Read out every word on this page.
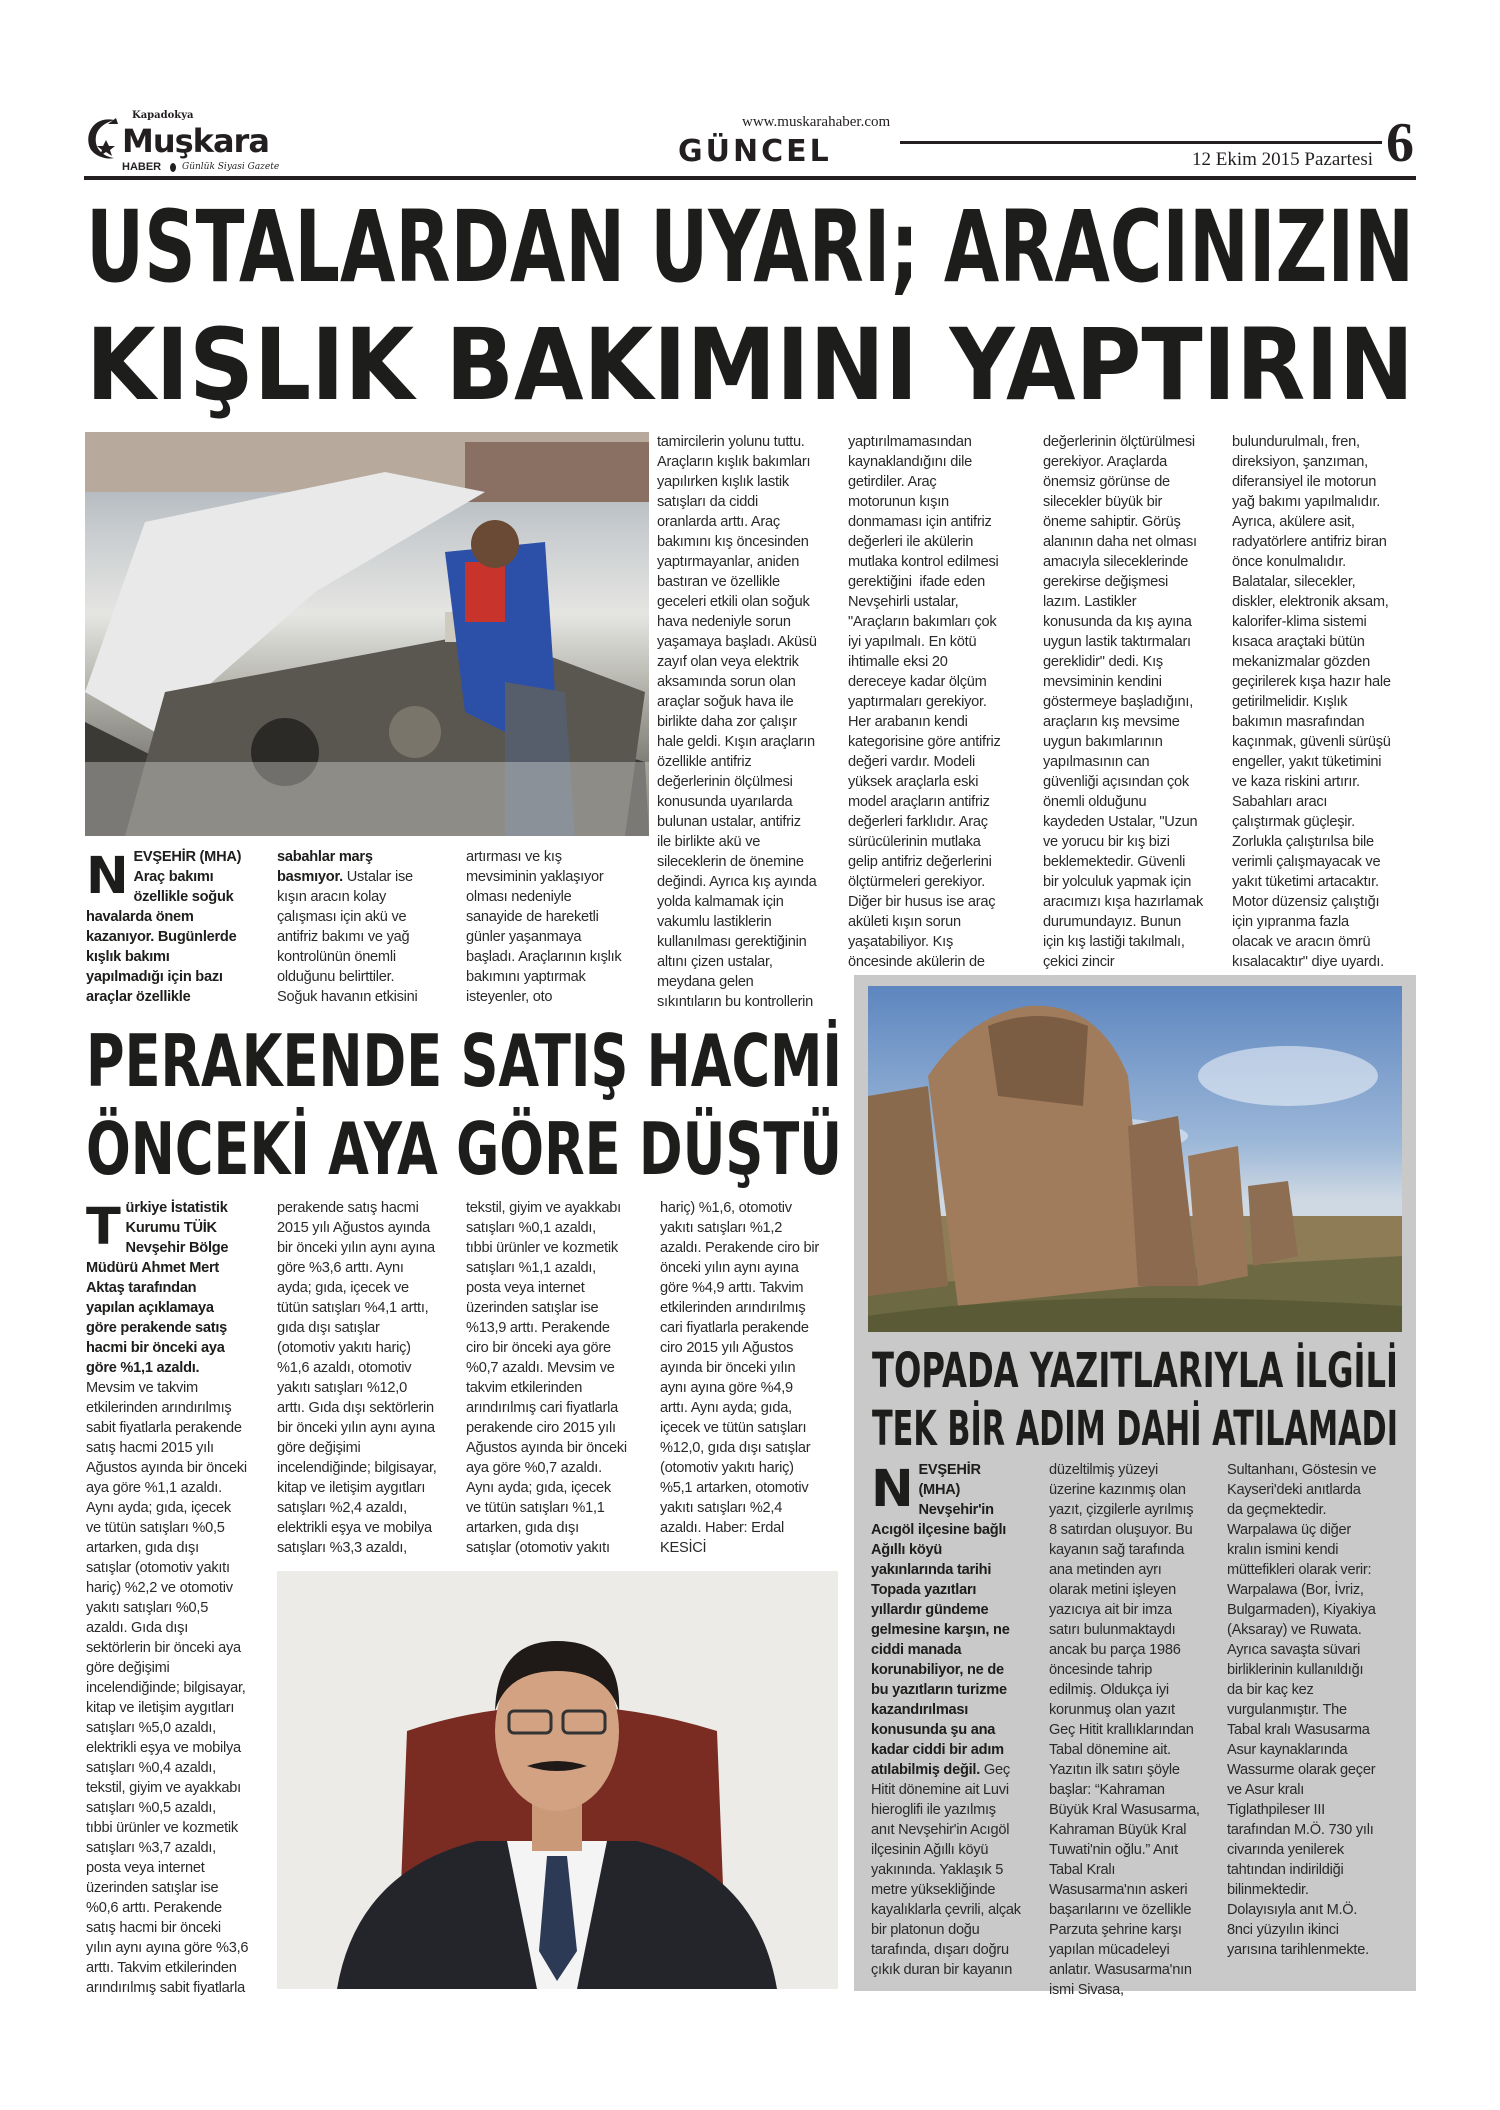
Kapadokya
Muşkara
HABER Günlük Siyasi Gazete	GÜNCEL
www.muskarahaber.com
12 Ekim 2015 Pazartesi 6
USTALARDAN UYARI; ARACINIZIN
KIŞLIK BAKIMINI YAPTIRIN
NEVŞEHİR (MHA)
Araç bakımı
özellikle soğuk
havalarda önem
kazanıyor. Bugünlerde
kışlık bakımı
yapılmadığı için bazı
araçlar özellikle
sabahlar marş
basmıyor. Ustalar ise
kışın aracın kolay
çalışması için akü ve
antifriz bakımı ve yağ
kontrolünün önemli
olduğunu belirttiler.
Soğuk havanın etkisini
artırması ve kış
mevsiminin yaklaşıyor
olması nedeniyle
sanayide de hareketli
günler yaşanmaya
başladı. Araçlarının kışlık
bakımını yaptırmak
isteyenler, oto
tamircilerin yolunu tuttu.
Araçların kışlık bakımları
yapılırken kışlık lastik
satışları da ciddi
oranlarda arttı. Araç
bakımını kış öncesinden
yaptırmayanlar, aniden
bastıran ve özellikle
geceleri etkili olan soğuk
hava nedeniyle sorun
yaşamaya başladı. Aküsü
zayıf olan veya elektrik
aksamında sorun olan
araçlar soğuk hava ile
birlikte daha zor çalışır
hale geldi. Kışın araçların
özellikle antifriz
değerlerinin ölçülmesi
konusunda uyarılarda
bulunan ustalar, antifriz
ile birlikte akü ve
sileceklerin de önemine
değindi. Ayrıca kış ayında
yolda kalmamak için
vakumlu lastiklerin
kullanılması gerektiğinin
altını çizen ustalar,
meydana gelen
sıkıntıların bu kontrollerin
yaptırılmamasından
kaynaklandığını dile
getirdiler. Araç
motorunun kışın
donmaması için antifriz
değerleri ile akülerin
mutlaka kontrol edilmesi
gerektiğini  ifade eden
Nevşehirli ustalar,
"Araçların bakımları çok
iyi yapılmalı. En kötü
ihtimalle eksi 20
dereceye kadar ölçüm
yaptırmaları gerekiyor.
Her arabanın kendi
kategorisine göre antifriz
değeri vardır. Modeli
yüksek araçlarla eski
model araçların antifriz
değerleri farklıdır. Araç
sürücülerinin mutlaka
gelip antifriz değerlerini
ölçtürmeleri gerekiyor.
Diğer bir husus ise araç
akületi kışın sorun
yaşatabiliyor. Kış
öncesinde akülerin de
değerlerinin ölçtürülmesi
gerekiyor. Araçlarda
önemsiz görünse de
silecekler büyük bir
öneme sahiptir. Görüş
alanının daha net olması
amacıyla sileceklerinde
gerekirse değişmesi
lazım. Lastikler
konusunda da kış ayına
uygun lastik taktırmaları
gereklidir" dedi. Kış
mevsiminin kendini
göstermeye başladığını,
araçların kış mevsime
uygun bakımlarının
yapılmasının can
güvenliği açısından çok
önemli olduğunu
kaydeden Ustalar, "Uzun
ve yorucu bir kış bizi
beklemektedir. Güvenli
bir yolculuk yapmak için
aracımızı kışa hazırlamak
durumundayız. Bunun
için kış lastiği takılmalı,
çekici zincir
bulundurulmalı, fren,
direksiyon, şanzıman,
diferansiyel ile motorun
yağ bakımı yapılmalıdır.
Ayrıca, akülere asit,
radyatörlere antifriz biran
önce konulmalıdır.
Balatalar, silecekler,
diskler, elektronik aksam,
kalorifer-klima sistemi
kısaca araçtaki bütün
mekanizmalar gözden
geçirilerek kışa hazır hale
getirilmelidir. Kışlık
bakımın masrafından
kaçınmak, güvenli sürüşü
engeller, yakıt tüketimini
ve kaza riskini artırır.
Sabahları aracı
çalıştırmak güçleşir.
Zorlukla çalıştırılsa bile
verimli çalışmayacak ve
yakıt tüketimi artacaktır.
Motor düzensiz çalıştığı
için yıpranma fazla
olacak ve aracın ömrü
kısalacaktır" diye uyardı.
PERAKENDE SATIŞ HACMİ
ÖNCEKİ AYA GÖRE DÜŞTÜ
Türkiye İstatistik
Kurumu TÜİK
Nevşehir Bölge
Müdürü Ahmet Mert
Aktaş tarafından
yapılan açıklamaya
göre perakende satış
hacmi bir önceki aya
göre %1,1 azaldı.
Mevsim ve takvim
etkilerinden arındırılmış
sabit fiyatlarla perakende
satış hacmi 2015 yılı
Ağustos ayında bir önceki
aya göre %1,1 azaldı.
Aynı ayda; gıda, içecek
ve tütün satışları %0,5
artarken, gıda dışı
satışlar (otomotiv yakıtı
hariç) %2,2 ve otomotiv
yakıtı satışları %0,5
azaldı. Gıda dışı
sektörlerin bir önceki aya
göre değişimi
incelendiğinde; bilgisayar,
kitap ve iletişim aygıtları
satışları %5,0 azaldı,
elektrikli eşya ve mobilya
satışları %0,4 azaldı,
tekstil, giyim ve ayakkabı
satışları %0,5 azaldı,
tıbbi ürünler ve kozmetik
satışları %3,7 azaldı,
posta veya internet
üzerinden satışlar ise
%0,6 arttı. Perakende
satış hacmi bir önceki
yılın aynı ayına göre %3,6
arttı. Takvim etkilerinden
arındırılmış sabit fiyatlarla
perakende satış hacmi
2015 yılı Ağustos ayında
bir önceki yılın aynı ayına
göre %3,6 arttı. Aynı
ayda; gıda, içecek ve
tütün satışları %4,1 arttı,
gıda dışı satışlar
(otomotiv yakıtı hariç)
%1,6 azaldı, otomotiv
yakıtı satışları %12,0
arttı. Gıda dışı sektörlerin
bir önceki yılın aynı ayına
göre değişimi
incelendiğinde; bilgisayar,
kitap ve iletişim aygıtları
satışları %2,4 azaldı,
elektrikli eşya ve mobilya
satışları %3,3 azaldı,
tekstil, giyim ve ayakkabı
satışları %0,1 azaldı,
tıbbi ürünler ve kozmetik
satışları %1,1 azaldı,
posta veya internet
üzerinden satışlar ise
%13,9 arttı. Perakende
ciro bir önceki aya göre
%0,7 azaldı. Mevsim ve
takvim etkilerinden
arındırılmış cari fiyatlarla
perakende ciro 2015 yılı
Ağustos ayında bir önceki
aya göre %0,7 azaldı.
Aynı ayda; gıda, içecek
ve tütün satışları %1,1
artarken, gıda dışı
satışlar (otomotiv yakıtı
hariç) %1,6, otomotiv
yakıtı satışları %1,2
azaldı. Perakende ciro bir
önceki yılın aynı ayına
göre %4,9 arttı. Takvim
etkilerinden arındırılmış
cari fiyatlarla perakende
ciro 2015 yılı Ağustos
ayında bir önceki yılın
aynı ayına göre %4,9
arttı. Aynı ayda; gıda,
içecek ve tütün satışları
%12,0, gıda dışı satışlar
(otomotiv yakıtı hariç)
%5,1 artarken, otomotiv
yakıtı satışları %2,4
azaldı. Haber: Erdal
KESİCİ
TOPADA YAZITLARIYLA İLGİLİ
TEK BİR ADIM DAHİ ATILAMADI
NEVŞEHİR
(MHA)
Nevşehir'in
Acıgöl ilçesine bağlı
Ağıllı köyü
yakınlarında tarihi
Topada yazıtları
yıllardır gündeme
gelmesine karşın, ne
ciddi manada
korunabiliyor, ne de
bu yazıtların turizme
kazandırılması
konusunda şu ana
kadar ciddi bir adım
atılabilmiş değil. Geç
Hitit dönemine ait Luvi
hieroglifi ile yazılmış
anıt Nevşehir'in Acıgöl
ilçesinin Ağıllı köyü
yakınında. Yaklaşık 5
metre yüksekliğinde
kayalıklarla çevrili, alçak
bir platonun doğu
tarafında, dışarı doğru
çıkık duran bir kayanın
düzeltilmiş yüzeyi
üzerine kazınmış olan
yazıt, çizgilerle ayrılmış
8 satırdan oluşuyor. Bu
kayanın sağ tarafında
ana metinden ayrı
olarak metini işleyen
yazıcıya ait bir imza
satırı bulunmaktaydı
ancak bu parça 1986
öncesinde tahrip
edilmiş. Oldukça iyi
korunmuş olan yazıt
Geç Hitit krallıklarından
Tabal dönemine ait.
Yazıtın ilk satırı şöyle
başlar: “Kahraman
Büyük Kral Wasusarma,
Kahraman Büyük Kral
Tuwati'nin oğlu.” Anıt
Tabal Kralı
Wasusarma'nın askeri
başarılarını ve özellikle
Parzuta şehrine karşı
yapılan mücadeleyi
anlatır. Wasusarma'nın
ismi Sivasa,
Sultanhanı, Göstesin ve
Kayseri'deki anıtlarda
da geçmektedir.
Warpalawa üç diğer
kralın ismini kendi
müttefikleri olarak verir:
Warpalawa (Bor, İvriz,
Bulgarmaden), Kiyakiya
(Aksaray) ve Ruwata.
Ayrıca savaşta süvari
birliklerinin kullanıldığı
da bir kaç kez
vurgulanmıştır. The
Tabal kralı Wasusarma
Asur kaynaklarında
Wassurme olarak geçer
ve Asur kralı
Tiglathpileser III
tarafından M.Ö. 730 yılı
civarında yenilerek
tahtından indirildiği
bilinmektedir.
Dolayısıyla anıt M.Ö.
8nci yüzyılın ikinci
yarısına tarihlenmekte.
